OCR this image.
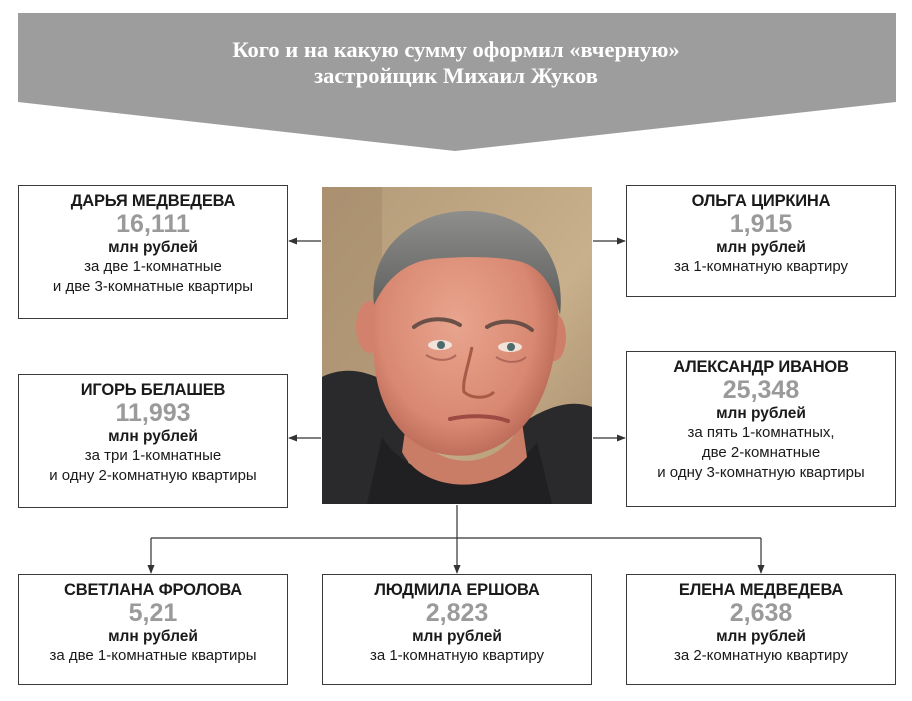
Кого и на какую сумму оформил «вчерную»
застройщик Михаил Жуков
ДАРЬЯ МЕДВЕДЕВА
16,111
млн рублей
за две 1-комнатные
и две 3-комнатные квартиры
ОЛЬГА ЦИРКИНА
1,915
млн рублей
за 1-комнатную квартиру
ИГОРЬ БЕЛАШЕВ
11,993
млн рублей
за три 1-комнатные
и одну 2-комнатную квартиры
АЛЕКСАНДР ИВАНОВ
25,348
млн рублей
за пять 1-комнатных,
две 2-комнатные
и одну 3-комнатную квартиры
СВЕТЛАНА ФРОЛОВА
5,21
млн рублей
за две 1-комнатные квартиры
ЛЮДМИЛА ЕРШОВА
2,823
млн рублей
за 1-комнатную квартиру
ЕЛЕНА МЕДВЕДЕВА
2,638
млн рублей
за 2-комнатную квартиру
